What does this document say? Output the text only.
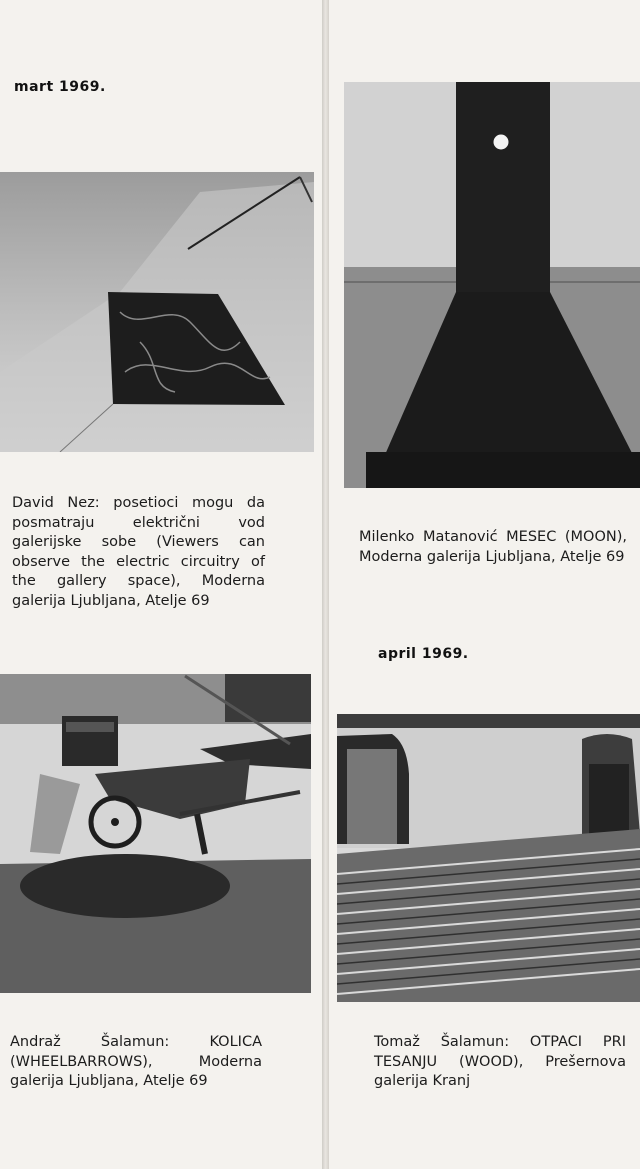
mart 1969.
David Nez: posetioci mogu da posmatraju električni vod galerijske sobe (Viewers can observe the electric circuitry of the gallery space), Moderna galerija Ljubljana, Atelje 69
Andraž Šalamun: KOLICA (WHEELBARROWS), Moderna galerija Ljubljana, Atelje 69
Milenko Matanović MESEC (MOON), Moderna galerija Ljubljana, Atelje 69
april 1969.
Tomaž Šalamun: OTPACI PRI TESANJU (WOOD), Prešernova galerija Kranj
